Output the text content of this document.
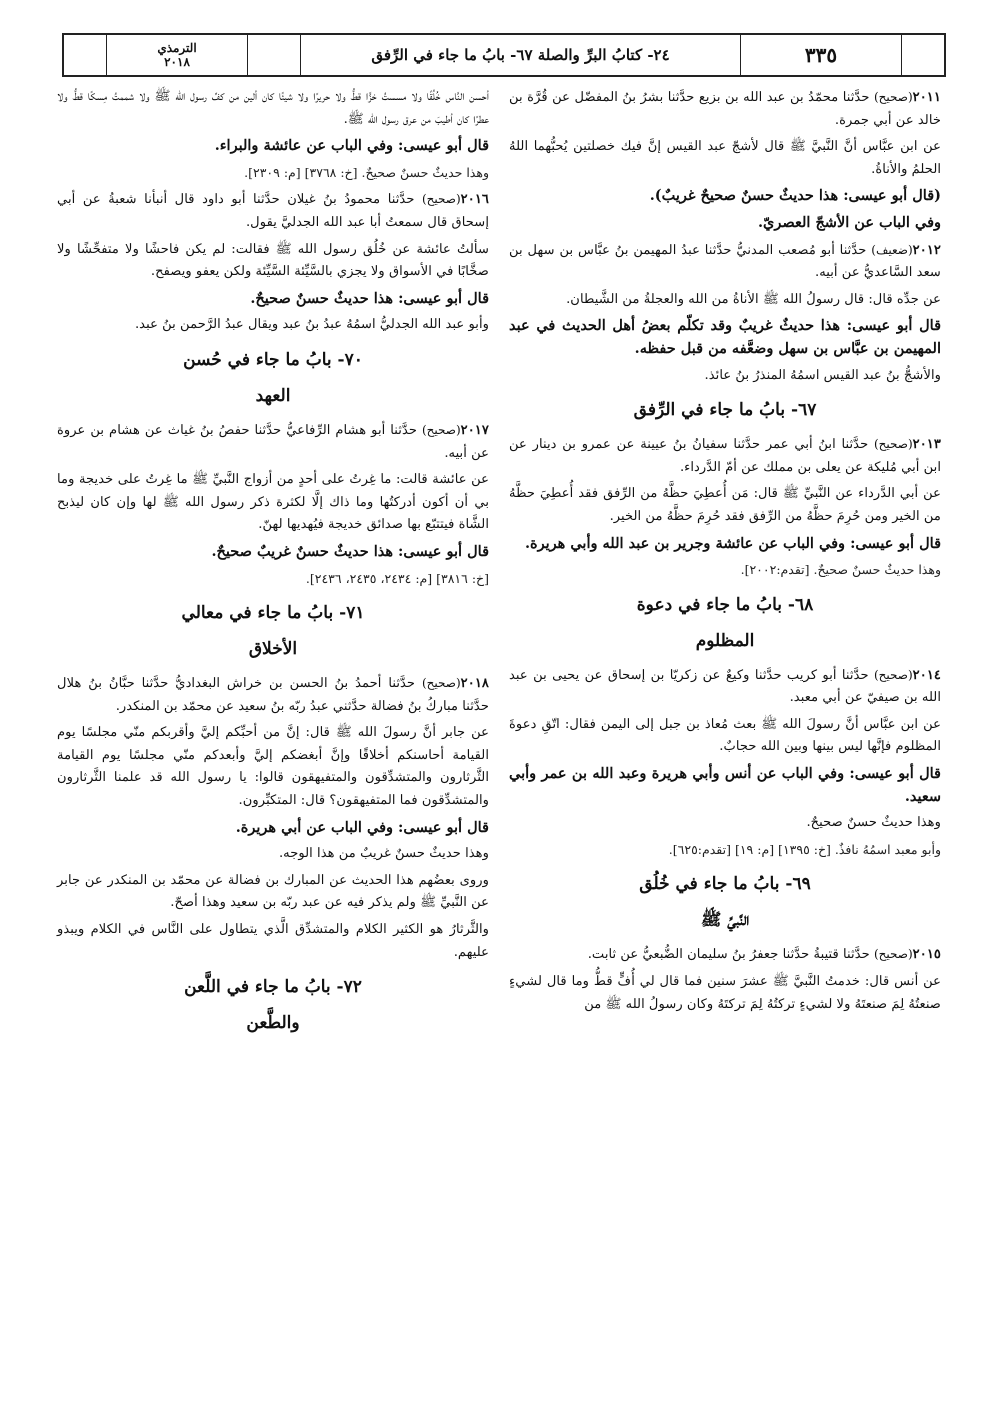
الترمذي
٢٠١٨	٢٤- كتابُ البرِّ والصلة ٦٧- بابُ ما جاء في الرِّفق	٣٣٥

٢٠١١(صحيح) حدَّثنا محمّدُ بن عبد الله بن بزيع حدَّثنا بشرُ بنُ المفضّل عن قُرَّة بن خالد عن أبي جمرة.

عن ابن عبَّاس أنَّ النَّبيَّ ﷺ قال لأشجّ عبد القيس إنَّ فيك خصلتين يُحبُّهما اللهُ الحلمُ والأناةُ.

(قال أبو عيسى: هذا حديثٌ حسنٌ صحيحٌ غريبٌ).

وفي الباب عن الأشجّ العصريّ.

٢٠١٢(ضعيف) حدَّثنا أبو مُصعب المدنيُّ حدَّثنا عبدُ المهيمن بنُ عبَّاس بن سهل بن سعد السَّاعديُّ عن أبيه.

عن جدِّه قال: قال رسولُ الله ﷺ الأناةُ من الله والعجلةُ من الشَّيطان.

قال أبو عيسى: هذا حديثٌ غريبٌ وقد تكلّم بعضُ أهل الحديث في عبد المهيمن بن عبَّاس بن سهل وضعَّفه من قبل حفظه.

والأشجُّ بنُ عبد القيس اسمُهُ المنذرُ بنُ عائذ.

٦٧- بابُ ما جاء في الرِّفق

٢٠١٣(صحيح) حدَّثنا ابنُ أبي عمر حدَّثنا سفيانُ بنُ عيينة عن عمرو بن دينار عن ابن أبي مُليكة عن يعلى بن مملك عن أمّ الدَّرداء.

عن أبي الدَّرداء عن النَّبيِّ ﷺ قال: مَن أُعطِيَ حظَّهُ من الرِّفق فقد أُعطِيَ حظَّهُ من الخير ومن حُرِمَ حظَّهُ من الرِّفق فقد حُرِمَ حظَّهُ من الخير.

قال أبو عيسى: وفي الباب عن عائشة وجرير بن عبد الله وأبي هريرة.

وهذا حديثٌ حسنٌ صحيحٌ. [تقدم:٢٠٠٢].

٦٨- بابُ ما جاء في دعوة
المظلوم

٢٠١٤(صحيح) حدَّثنا أبو كريب حدَّثنا وكيعٌ عن زكريّا بن إسحاق عن يحيى بن عبد الله بن صيفيّ عن أبي معبد.

عن ابن عبَّاس أنَّ رسولَ الله ﷺ بعث مُعاذ بن جبل إلى اليمن فقال: اتّقِ دعوةَ المظلوم فإنَّها ليس بينها وبين الله حجابٌ.

قال أبو عيسى: وفي الباب عن أنس وأبي هريرة وعبد الله بن عمر وأبي سعيد.

وهذا حديثٌ حسنٌ صحيحٌ.

وأبو معبد اسمُهُ نافذٌ. [خ: ١٣٩٥] [م: ١٩] [تقدم:٦٢٥].

٦٩- بابُ ما جاء في خُلُق
النَّبيِّ ﷺ

٢٠١٥(صحيح) حدَّثنا قتيبةُ حدَّثنا جعفرُ بنُ سليمان الضُّبعيُّ عن ثابت.

عن أنس قال: خدمتُ النَّبيَّ ﷺ عشرَ سنين فما قال لي أُفٍّ قطُّ وما قال لشيءٍ صنعتُهُ لِمَ صنعتَهُ ولا لشيءٍ تركتُهُ لِمَ تركتَهُ وكان رسولُ الله ﷺ من

أحسن النَّاس خُلُقًا ولا مسستُ خزًّا قطُّ ولا حريرًا ولا شيئًا كان ألين من كفِّ رسول الله ﷺ ولا شممتُ مِسكًا قطُّ ولا عطرًا كان أطيبَ من عرق رسول الله ﷺ.

قال أبو عيسى: وفي الباب عن عائشة والبراء.

وهذا حديثٌ حسنٌ صحيحٌ. [خ: ٣٧٦٨] [م: ٢٣٠٩].

٢٠١٦(صحيح) حدَّثنا محمودُ بنُ غيلان حدَّثنا أبو داود قال أنبأنا شعبةُ عن أبي إسحاق قال سمعتُ أبا عبد الله الجدليَّ يقول.

سألتُ عائشة عن خُلُق رسول الله ﷺ فقالت: لم يكن فاحشًا ولا متفحِّشًا ولا صخَّابًا في الأسواق ولا يجزي بالسَّيِّئة السَّيِّئة ولكن يعفو ويصفح.

قال أبو عيسى: هذا حديثٌ حسنٌ صحيحٌ.

وأبو عبد الله الجدليُّ اسمُهُ عبدُ بنُ عبد ويقال عبدُ الرَّحمن بنُ عبد.

٧٠- بابُ ما جاء في حُسن
العهد

٢٠١٧(صحيح) حدَّثنا أبو هشام الرِّفاعيُّ حدَّثنا حفصُ بنُ غياث عن هشام بن عروة عن أبيه.

عن عائشة قالت: ما غِرتُ على أحدٍ من أزواج النَّبيِّ ﷺ ما غِرتُ على خديجة وما بي أن أكون أدركتُها وما ذاك إلَّا لكثرة ذكر رسول الله ﷺ لها وإن كان ليذبح الشَّاة فيتتبّع بها صدائق خديجة فيُهديها لهنّ.

قال أبو عيسى: هذا حديثٌ حسنٌ غريبٌ صحيحٌ.

[خ: ٣٨١٦] [م: ٢٤٣٤، ٢٤٣٥، ٢٤٣٦].

٧١- بابُ ما جاء في معالي
الأخلاق

٢٠١٨(صحيح) حدَّثنا أحمدُ بنُ الحسن بن خراش البغداديُّ حدَّثنا حبَّانُ بنُ هلال حدَّثنا مباركُ بنُ فضالة حدَّثني عبدُ ربّه بنُ سعيد عن محمّد بن المنكدر.

عن جابر أنَّ رسولَ الله ﷺ قال: إنَّ من أحبِّكم إليَّ وأقربكم منّي مجلسًا يوم القيامة أحاسنكم أخلاقًا وإنَّ أبغضكم إليَّ وأبعدكم منّي مجلسًا يوم القيامة الثَّرثارون والمتشدِّقون والمتفيهقون قالوا: يا رسول الله قد علمنا الثَّرثارون والمتشدِّقون فما المتفيهقون؟ قال: المتكبِّرون.

قال أبو عيسى: وفي الباب عن أبي هريرة.

وهذا حديثٌ حسنٌ غريبٌ من هذا الوجه.

وروى بعضُهم هذا الحديث عن المبارك بن فضالة عن محمّد بن المنكدر عن جابر عن النَّبيِّ ﷺ ولم يذكر فيه عن عبد ربّه بن سعيد وهذا أصحّ.

والثَّرثارُ هو الكثير الكلام والمتشدِّق الَّذي يتطاول على النَّاس في الكلام ويبذو عليهم.

٧٢- بابُ ما جاء في اللَّعن
والطَّعن
